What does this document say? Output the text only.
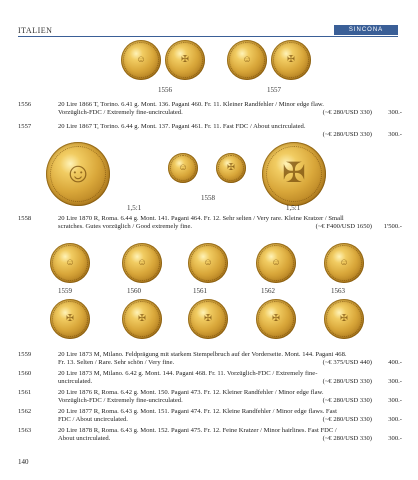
ITALIEN	SINCONA
☺	✠	☺	✠
1556	1557
1556	20 Lire 1866 T, Torino. 6.41 g. Mont. 136. Pagani 460. Fr. 11. Kleiner Randfehler / Minor edge flaw.
Vorzüglich-FDC / Extremely fine-uncirculated.	(~€ 280/USD 330) 300.-
1557	20 Lire 1867 T, Torino. 6.44 g. Mont. 137. Pagani 461. Fr. 11. Fast FDC / About uncirculated.
(~€ 280/USD 330) 300.-
☺	☺	✠ ✠
1,5:1
1558
1,5:1
1558	20 Lire 1870 R, Roma. 6.44 g. Mont. 141. Pagani 464. Fr. 12. Sehr selten / Very rare. Kleine Kratzer / Small
scratches. Gutes vorzüglich / Good extremely fine.	(~€ F400/USD 1650) 1'500.-
☺	☺	☺	☺	☺
1559	1560	1561	1562	1563
✠	✠	✠	✠	✠
1559	20 Lire 1873 M, Milano. Feldprägung mit starkem Stempelbruch auf der Vorderseite. Mont. 144. Pagani 468.
Fr. 13. Selten / Rare. Sehr schön / Very fine.	(~€ 375/USD 440) 400.-
1560	20 Lire 1873 M, Milano. 6.42 g. Mont. 144. Pagani 468. Fr. 11. Vorzüglich-FDC / Extremely fine-
uncirculated.	(~€ 280/USD 330) 300.-
1561	20 Lire 1876 R, Roma. 6.42 g. Mont. 150. Pagani 473. Fr. 12. Kleiner Randfehler / Minor edge flaw.
Vorzüglich-FDC / Extremely fine-uncirculated.	(~€ 280/USD 330) 300.-
1562	20 Lire 1877 R, Roma. 6.43 g. Mont. 151. Pagani 474. Fr. 12. Kleine Randfehler / Minor edge flaws. Fast
FDC / About uncirculated.	(~€ 280/USD 330) 300.-
1563	20 Lire 1878 R, Roma. 6.43 g. Mont. 152. Pagani 475. Fr. 12. Feine Kratzer / Minor hairlines. Fast FDC /
About uncirculated.	(~€ 280/USD 330) 300.-
140
